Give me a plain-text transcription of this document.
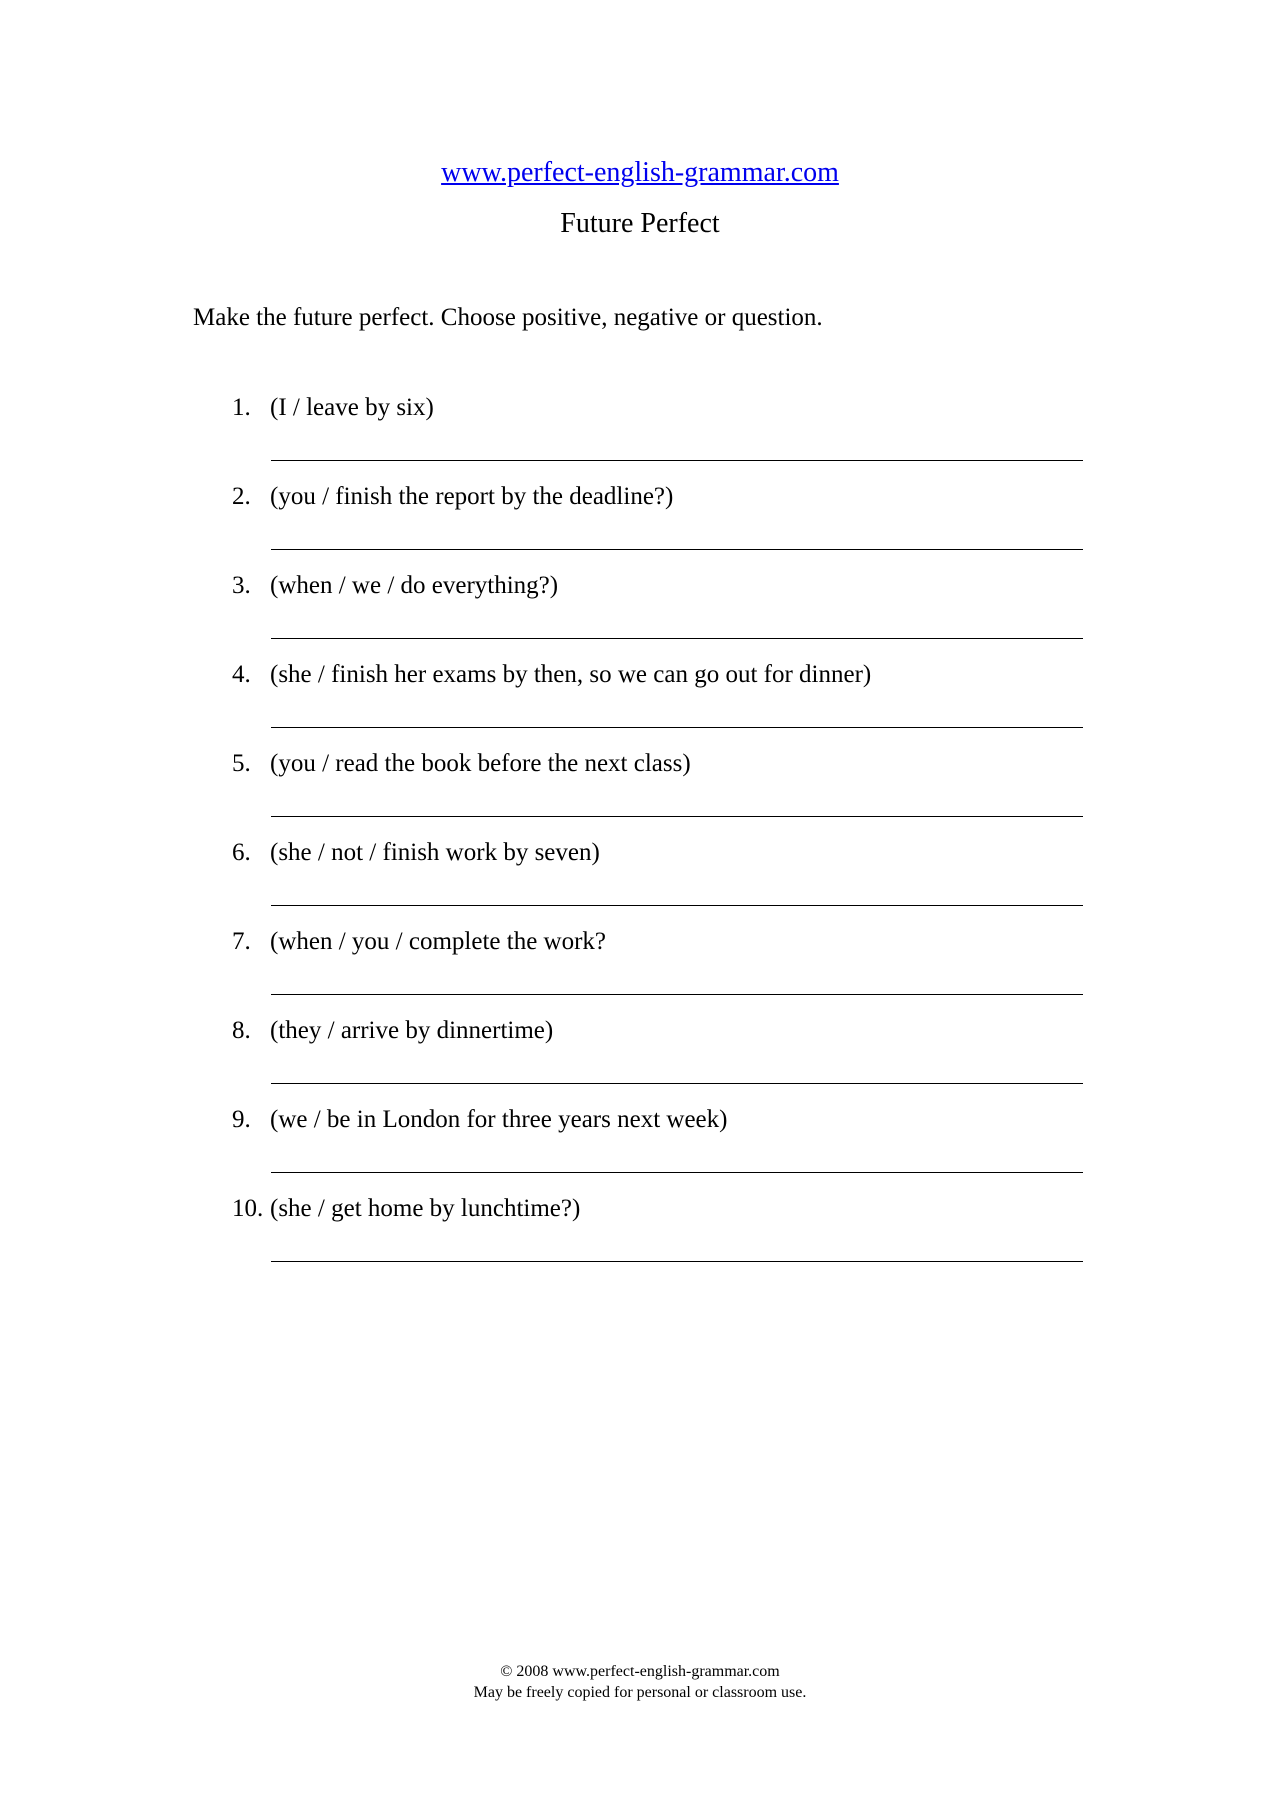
www.perfect-english-grammar.com
Future Perfect
Make the future perfect. Choose positive, negative or question.
1. (I / leave by six)
2. (you / finish the report by the deadline?)
3. (when / we / do everything?)
4. (she / finish her exams by then, so we can go out for dinner)
5. (you / read the book before the next class)
6. (she / not / finish work by seven)
7. (when / you / complete the work?
8. (they / arrive by dinnertime)
9. (we / be in London for three years next week)
10. (she / get home by lunchtime?)
© 2008 www.perfect-english-grammar.com
May be freely copied for personal or classroom use.
